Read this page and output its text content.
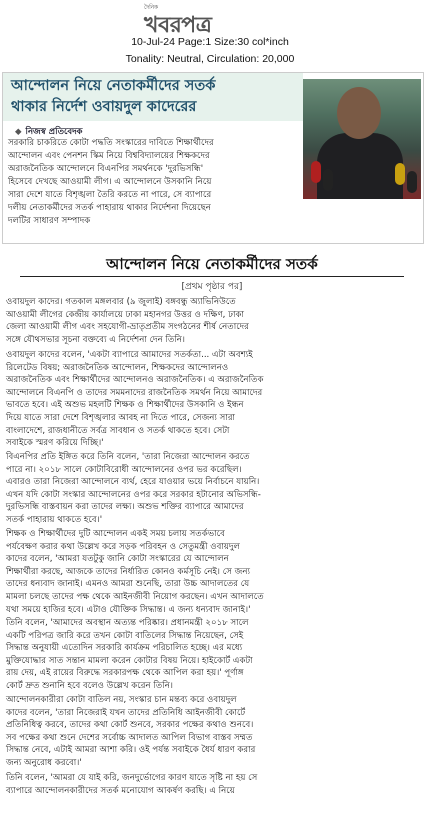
দৈনিক
খবরপত্র
10-Jul-24 Page:1 Size:30 col*inch
Tonality: Neutral, Circulation: 20,000
আন্দোলন নিয়ে নেতাকর্মীদের সতর্ক
থাকার নির্দেশ ওবায়দুল কাদেরের
◆ নিজস্ব প্রতিবেদক
সরকারি চাকরিতে কোটা পদ্ধতি সংস্কারের দাবিতে শিক্ষার্থীদের
আন্দোলন এবং পেনশন স্কিম নিয়ে বিশ্ববিদ্যালয়ের শিক্ষকদের
অরাজনৈতিক আন্দোলনে বিএনপির সমর্থনকে 'দুরভিসন্ধি'
হিসেবে দেখছে আওয়ামী লীগ। এ আন্দোলনে উসকানি নিয়ে
সারা দেশে যাতে বিশৃঙ্খলা তৈরি করতে না পারে, সে ব্যাপারে
দলীয় নেতাকর্মীদের সতর্ক পাহারায় থাকার নির্দেশনা দিয়েছেন
দলটির সাধারণ সম্পাদক
আন্দোলন নিয়ে নেতাকর্মীদের সতর্ক
[প্রথম পৃষ্ঠার পর]
ওবায়দুল কাদের। গতকাল মঙ্গলবার (৯ জুলাই) বঙ্গবন্ধু অ্যাভিনিউতে
আওয়ামী লীগের কেন্দ্রীয় কার্যালয়ে ঢাকা মহানগর উত্তর ও দক্ষিণ, ঢাকা
জেলা আওয়ামী লীগ এবং সহযোগী-ভ্রাতৃপ্রতীম সংগঠনের শীর্ষ নেতাদের
সঙ্গে যৌথসভার সূচনা বক্তব্যে এ নির্দেশনা দেন তিনি।
ওবায়দুল কাদের বলেন, 'একটা ব্যাপারে আমাদের সতর্কতা... এটা অবশ্যই
রিলেটেড বিষয়; অরাজনৈতিক আন্দোলন, শিক্ষকদের আন্দোলনও
অরাজনৈতিক এবং শিক্ষার্থীদের আন্দোলনও অরাজনৈতিক। এ অরাজনৈতিক
আন্দোলনে বিএনপি ও তাদের সমমনাদের রাজনৈতিক সমর্থন নিয়ে আমাদের
ভাবতে হবে। এই অশুভ মহলটি শিক্ষক ও শিক্ষার্থীদের উসকানি ও ইন্ধন
দিয়ে যাতে সারা দেশে বিশৃঙ্খলার আবহ না দিতে পারে, সেজন্য সারা
বাংলাদেশে, রাজধানীতে সর্বত্র সাবধান ও সতর্ক থাকতে হবে। সেটা
সবাইকে স্মরণ করিয়ে দিচ্ছি।'
বিএনপির প্রতি ইঙ্গিত করে তিনি বলেন, 'তারা নিজেরা আন্দোলন করতে
পারে না। ২০১৮ সালে কোটাবিরোধী আন্দোলনের ওপর ভর করেছিল।
এবারও তারা নিজেরা আন্দোলনে ব্যর্থ, হেরে যাওয়ার ভয়ে নির্বাচনে যায়নি।
এখন যদি কোটা সংস্কার আন্দোলনের ওপর করে সরকার হটানোর অভিসন্ধি-
দুরভিসন্ধি বাস্তবায়ন করা তাদের লক্ষ্য। অশুভ শক্তির ব্যাপারে আমাদের
সতর্ক পাহারায় থাকতে হবে।'
শিক্ষক ও শিক্ষার্থীদের দুটি আন্দোলন একই সময় চলায় সতর্কভাবে
পর্যবেক্ষণ করার কথা উল্লেখ করে সড়ক পরিবহন ও সেতুমন্ত্রী ওবায়দুল
কাদের বলেন, 'আমরা যতটুকু জানি কোটা সংস্কারের যে আন্দোলন
শিক্ষার্থীরা করছে, আজকে তাদের নির্ধারিত কোনও কর্মসূচি নেই। সে জন্য
তাদের ধন্যবাদ জানাই। এমনও আমরা শুনেছি, তারা উচ্চ আদালতের যে
মামলা চলছে তাদের পক্ষ থেকে আইনজীবী নিয়োগ করছেন। এখন আদালতে
যথা সময়ে হাজির হবে। এটাও যৌক্তিক সিদ্ধান্ত। এ জন্য ধন্যবাদ জানাই।'
তিনি বলেন, 'আমাদের অবস্থান অত্যন্ত পরিষ্কার। প্রধানমন্ত্রী ২০১৮ সালে
একটি পরিপত্র জারি করে তখন কোটা বাতিলের সিদ্ধান্ত নিয়েছেন, সেই
সিদ্ধান্ত অনুযায়ী এতোদিন সরকারি কার্যক্রম পরিচালিত হচ্ছে। এর মধ্যে
মুক্তিযোদ্ধার সাত সন্তান মামলা করেন কোটার বিষয় নিয়ে। হাইকোর্ট একটা
রায় দেয়, এই রায়ের বিরুদ্ধে সরকারপক্ষ থেকে আপিল করা হয়।' পূর্ণাঙ্গ
কোর্ট দ্রুত শুনানি হবে বলেও উল্লেখ করেন তিনি।
আন্দোলনকারীরা কোটা বাতিল নয়, সংস্কার চান মন্তব্য করে ওবায়দুল
কাদের বলেন, 'তারা নিজেরাই যখন তাদের প্রতিনিধি আইনজীবী কোর্টে
প্রতিনিধিত্ব করবে, তাদের কথা কোর্ট শুনবে, সরকার পক্ষের কথাও শুনবে।
সব পক্ষের কথা শুনে দেশের সর্বোচ্চ আদালত আপিল বিভাগ বাস্তব সম্মত
সিদ্ধান্ত নেবে, এটাই আমরা আশা করি। ওই পর্যন্ত সবাইকে ধৈর্য ধারণ করার
জন্য অনুরোধ করবো।'
তিনি বলেন, 'আমরা যে যাই করি, জনদুর্ভোগের কারণ যাতে সৃষ্টি না হয় সে
ব্যাপারে আন্দোলনকারীদের সতর্ক মনোযোগ আকর্ষণ করছি। এ নিয়ে
